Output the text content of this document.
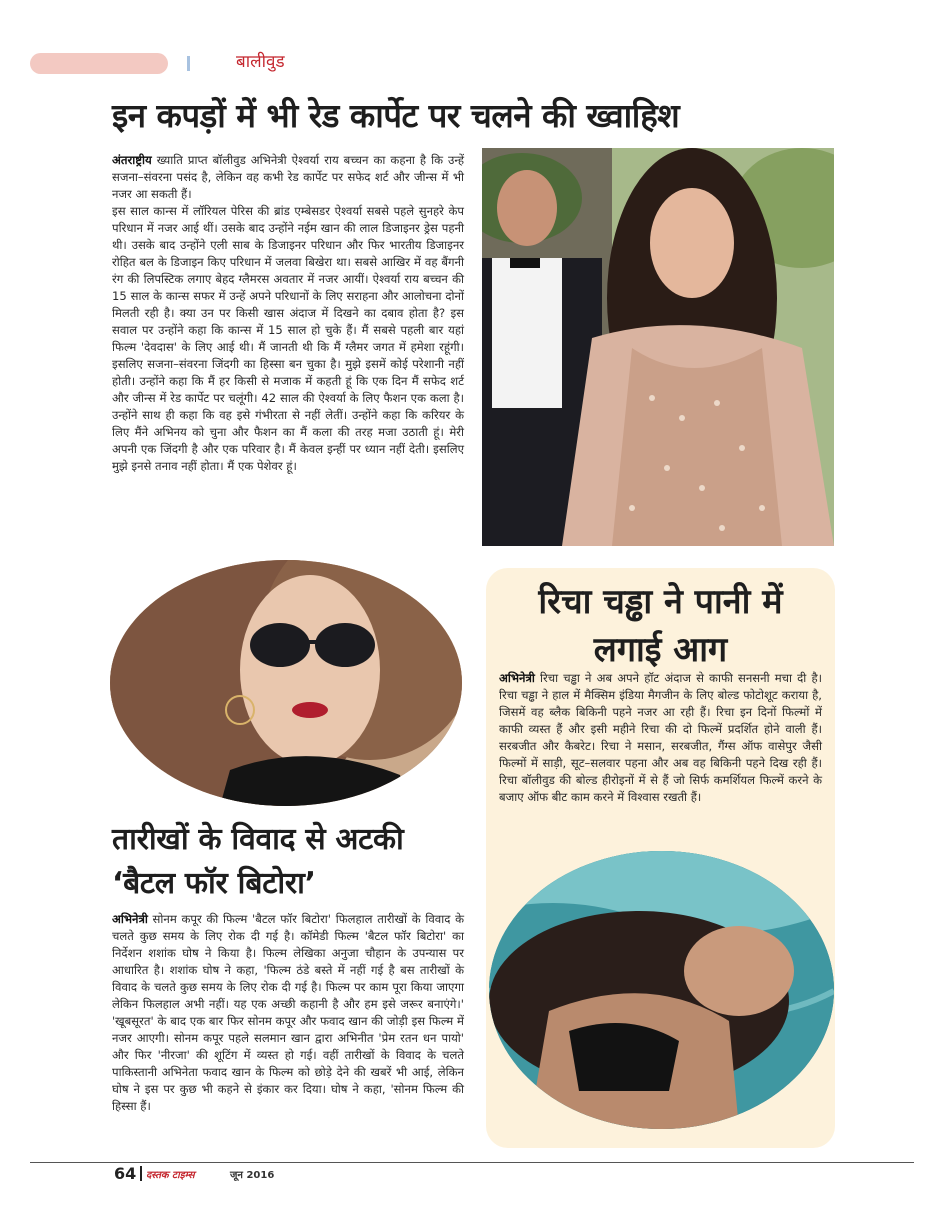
बालीवुड
इन कपड़ों में भी रेड कार्पेट पर चलने की ख्वाहिश

अंतराष्ट्रीय ख्याति प्राप्त बॉलीवुड अभिनेत्री ऐश्वर्या राय बच्चन का कहना है कि उन्हें सजना–संवरना पसंद है, लेकिन वह कभी रेड कार्पेट पर सफेद शर्ट और जीन्स में भी नजर आ सकती हैं।

इस साल कान्स में लॉरियल पेरिस की ब्रांड एम्बेसडर ऐश्वर्या सबसे पहले सुनहरे केप परिधान में नजर आई थीं। उसके बाद उन्होंने नईम खान की लाल डिजाइनर ड्रेस पहनी थी। उसके बाद उन्होंने एली साब के डिजाइनर परिधान और फिर भारतीय डिजाइनर रोहित बल के डिजाइन किए परिधान में जलवा बिखेरा था। सबसे आखिर में वह बैंगनी रंग की लिपस्टिक लगाए बेहद ग्लैमरस अवतार में नजर आयीं। ऐश्वर्या राय बच्चन की 15 साल के कान्स सफर में उन्हें अपने परिधानों के लिए सराहना और आलोचना दोनों मिलती रही है। क्या उन पर किसी खास अंदाज में दिखने का दबाव होता है? इस सवाल पर उन्होंने कहा कि कान्स में 15 साल हो चुके हैं। मैं सबसे पहली बार यहां फिल्म 'देवदास' के लिए आई थी। मैं जानती थी कि मैं ग्लैमर जगत में हमेशा रहूंगी। इसलिए सजना–संवरना जिंदगी का हिस्सा बन चुका है। मुझे इसमें कोई परेशानी नहीं होती। उन्होंने कहा कि मैं हर किसी से मजाक में कहती हूं कि एक दिन मैं सफेद शर्ट और जीन्स में रेड कार्पेट पर चलूंगी। 42 साल की ऐश्वर्या के लिए फैशन एक कला है। उन्होंने साथ ही कहा कि वह इसे गंभीरता से नहीं लेतीं। उन्होंने कहा कि करियर के लिए मैंने अभिनय को चुना और फैशन का मैं कला की तरह मजा उठाती हूं। मेरी अपनी एक जिंदगी है और एक परिवार है। मैं केवल इन्हीं पर ध्यान नहीं देती। इसलिए मुझे इनसे तनाव नहीं होता। मैं एक पेशेवर हूं।

तारीखों के विवाद से अटकी
‘बैटल फॉर बिटोरा’

अभिनेत्री सोनम कपूर की फिल्म 'बैटल फॉर बिटोरा' फिलहाल तारीखों के विवाद के चलते कुछ समय के लिए रोक दी गई है। कॉमेडी फिल्म 'बैटल फॉर बिटोरा' का निर्देशन शशांक घोष ने किया है। फिल्म लेखिका अनुजा चौहान के उपन्यास पर आधारित है। शशांक घोष ने कहा, 'फिल्म ठंडे बस्ते में नहीं गई है बस तारीखों के विवाद के चलते कुछ समय के लिए रोक दी गई है। फिल्म पर काम पूरा किया जाएगा लेकिन फिलहाल अभी नहीं। यह एक अच्छी कहानी है और हम इसे जरूर बनाएंगे।' 'खूबसूरत' के बाद एक बार फिर सोनम कपूर और फवाद खान की जोड़ी इस फिल्म में नजर आएगी। सोनम कपूर पहले सलमान खान द्वारा अभिनीत 'प्रेम रतन धन पायो' और फिर 'नीरजा' की शूटिंग में व्यस्त हो गई। वहीं तारीखों के विवाद के चलते पाकिस्तानी अभिनेता फवाद खान के फिल्म को छोड़े देने की खबरें भी आई, लेकिन घोष ने इस पर कुछ भी कहने से इंकार कर दिया। घोष ने कहा, 'सोनम फिल्म की हिस्सा हैं।

रिचा चड्ढा ने पानी में
लगाई आग

अभिनेत्री रिचा चड्ढा ने अब अपने हॉट अंदाज से काफी सनसनी मचा दी है। रिचा चड्ढा ने हाल में मैक्सिम इंडिया मैगजीन के लिए बोल्ड फोटोशूट कराया है, जिसमें वह ब्लैक बिकिनी पहने नजर आ रही हैं। रिचा इन दिनों फिल्मों में काफी व्यस्त हैं और इसी महीने रिचा की दो फिल्में प्रदर्शित होने वाली हैं। सरबजीत और कैबरेट। रिचा ने मसान, सरबजीत, गैंग्स ऑफ वासेपुर जैसी फिल्मों में साड़ी, सूट–सलवार पहना और अब वह बिकिनी पहने दिख रही हैं। रिचा बॉलीवुड की बोल्ड हीरोइनों में से हैं जो सिर्फ कमर्शियल फिल्में करने के बजाए ऑफ बीट काम करने में विश्वास रखती हैं।

64 दस्तक टाइम्स	जून 2016
